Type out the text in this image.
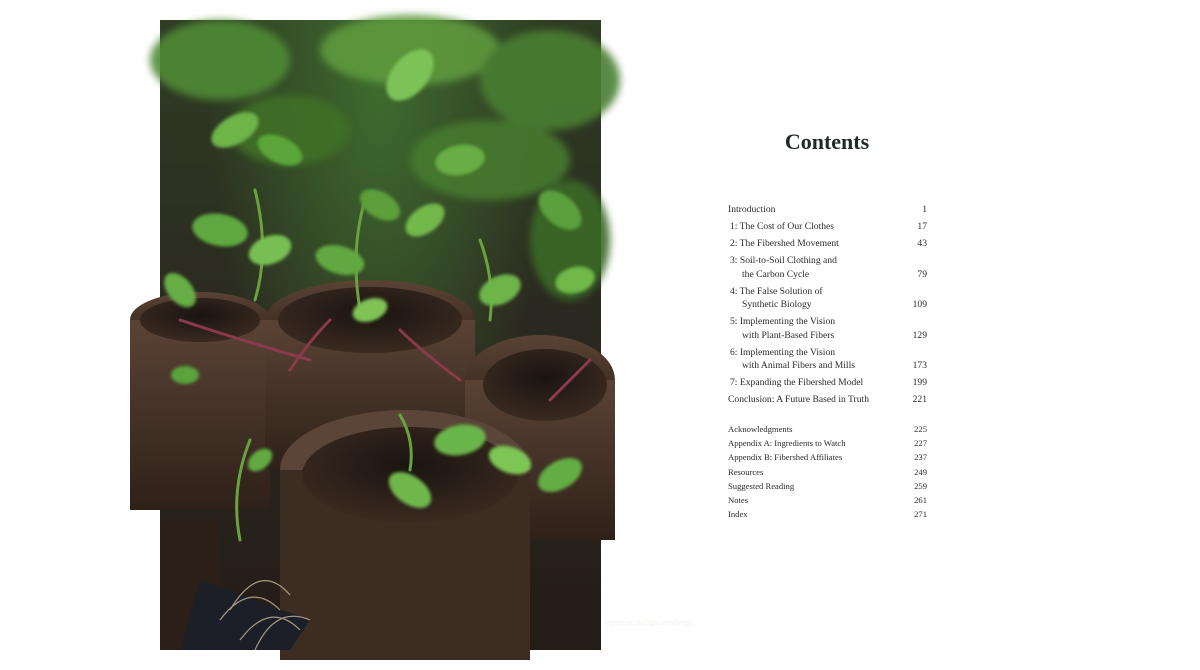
Japanese indigo seedlings.
Contents
Introduction	1
1: The Cost of Our Clothes	17
2: The Fibershed Movement	43
3: Soil-to-Soil Clothing and
the Carbon Cycle	79
4: The False Solution of
Synthetic Biology	109
5: Implementing the Vision
with Plant-Based Fibers	129
6: Implementing the Vision
with Animal Fibers and Mills	173
7: Expanding the Fibershed Model	199
Conclusion: A Future Based in Truth	221
Acknowledgments	225
Appendix A: Ingredients to Watch	227
Appendix B: Fibershed Affiliates	237
Resources	249
Suggested Reading	259
Notes	261
Index	271
